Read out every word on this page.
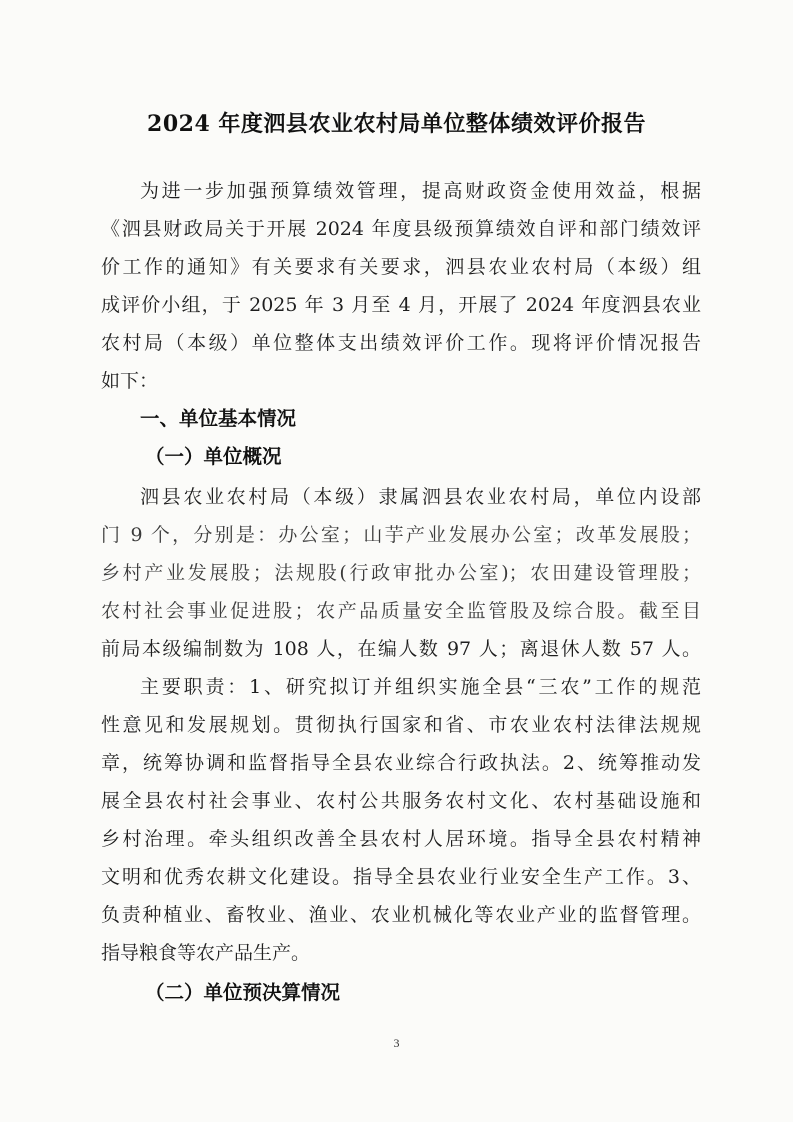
2024 年度泗县农业农村局单位整体绩效评价报告
为进一步加强预算绩效管理，提高财政资金使用效益，根据
《泗县财政局关于开展 2024 年度县级预算绩效自评和部门绩效评
价工作的通知》有关要求有关要求，泗县农业农村局（本级）组
成评价小组，于 2025 年 3 月至 4 月，开展了 2024 年度泗县农业
农村局（本级）单位整体支出绩效评价工作。现将评价情况报告
如下：
一、单位基本情况
（一）单位概况
泗县农业农村局（本级）隶属泗县农业农村局，单位内设部
门 9 个，分别是：办公室；山芋产业发展办公室；改革发展股；
乡村产业发展股；法规股(行政审批办公室)；农田建设管理股；
农村社会事业促进股；农产品质量安全监管股及综合股。截至目
前局本级编制数为 108 人，在编人数 97 人；离退休人数 57 人。
主要职责：1、研究拟订并组织实施全县“三农”工作的规范
性意见和发展规划。贯彻执行国家和省、市农业农村法律法规规
章，统筹协调和监督指导全县农业综合行政执法。2、统筹推动发
展全县农村社会事业、农村公共服务农村文化、农村基础设施和
乡村治理。牵头组织改善全县农村人居环境。指导全县农村精神
文明和优秀农耕文化建设。指导全县农业行业安全生产工作。3、
负责种植业、畜牧业、渔业、农业机械化等农业产业的监督管理。
指导粮食等农产品生产。
（二）单位预决算情况
3
